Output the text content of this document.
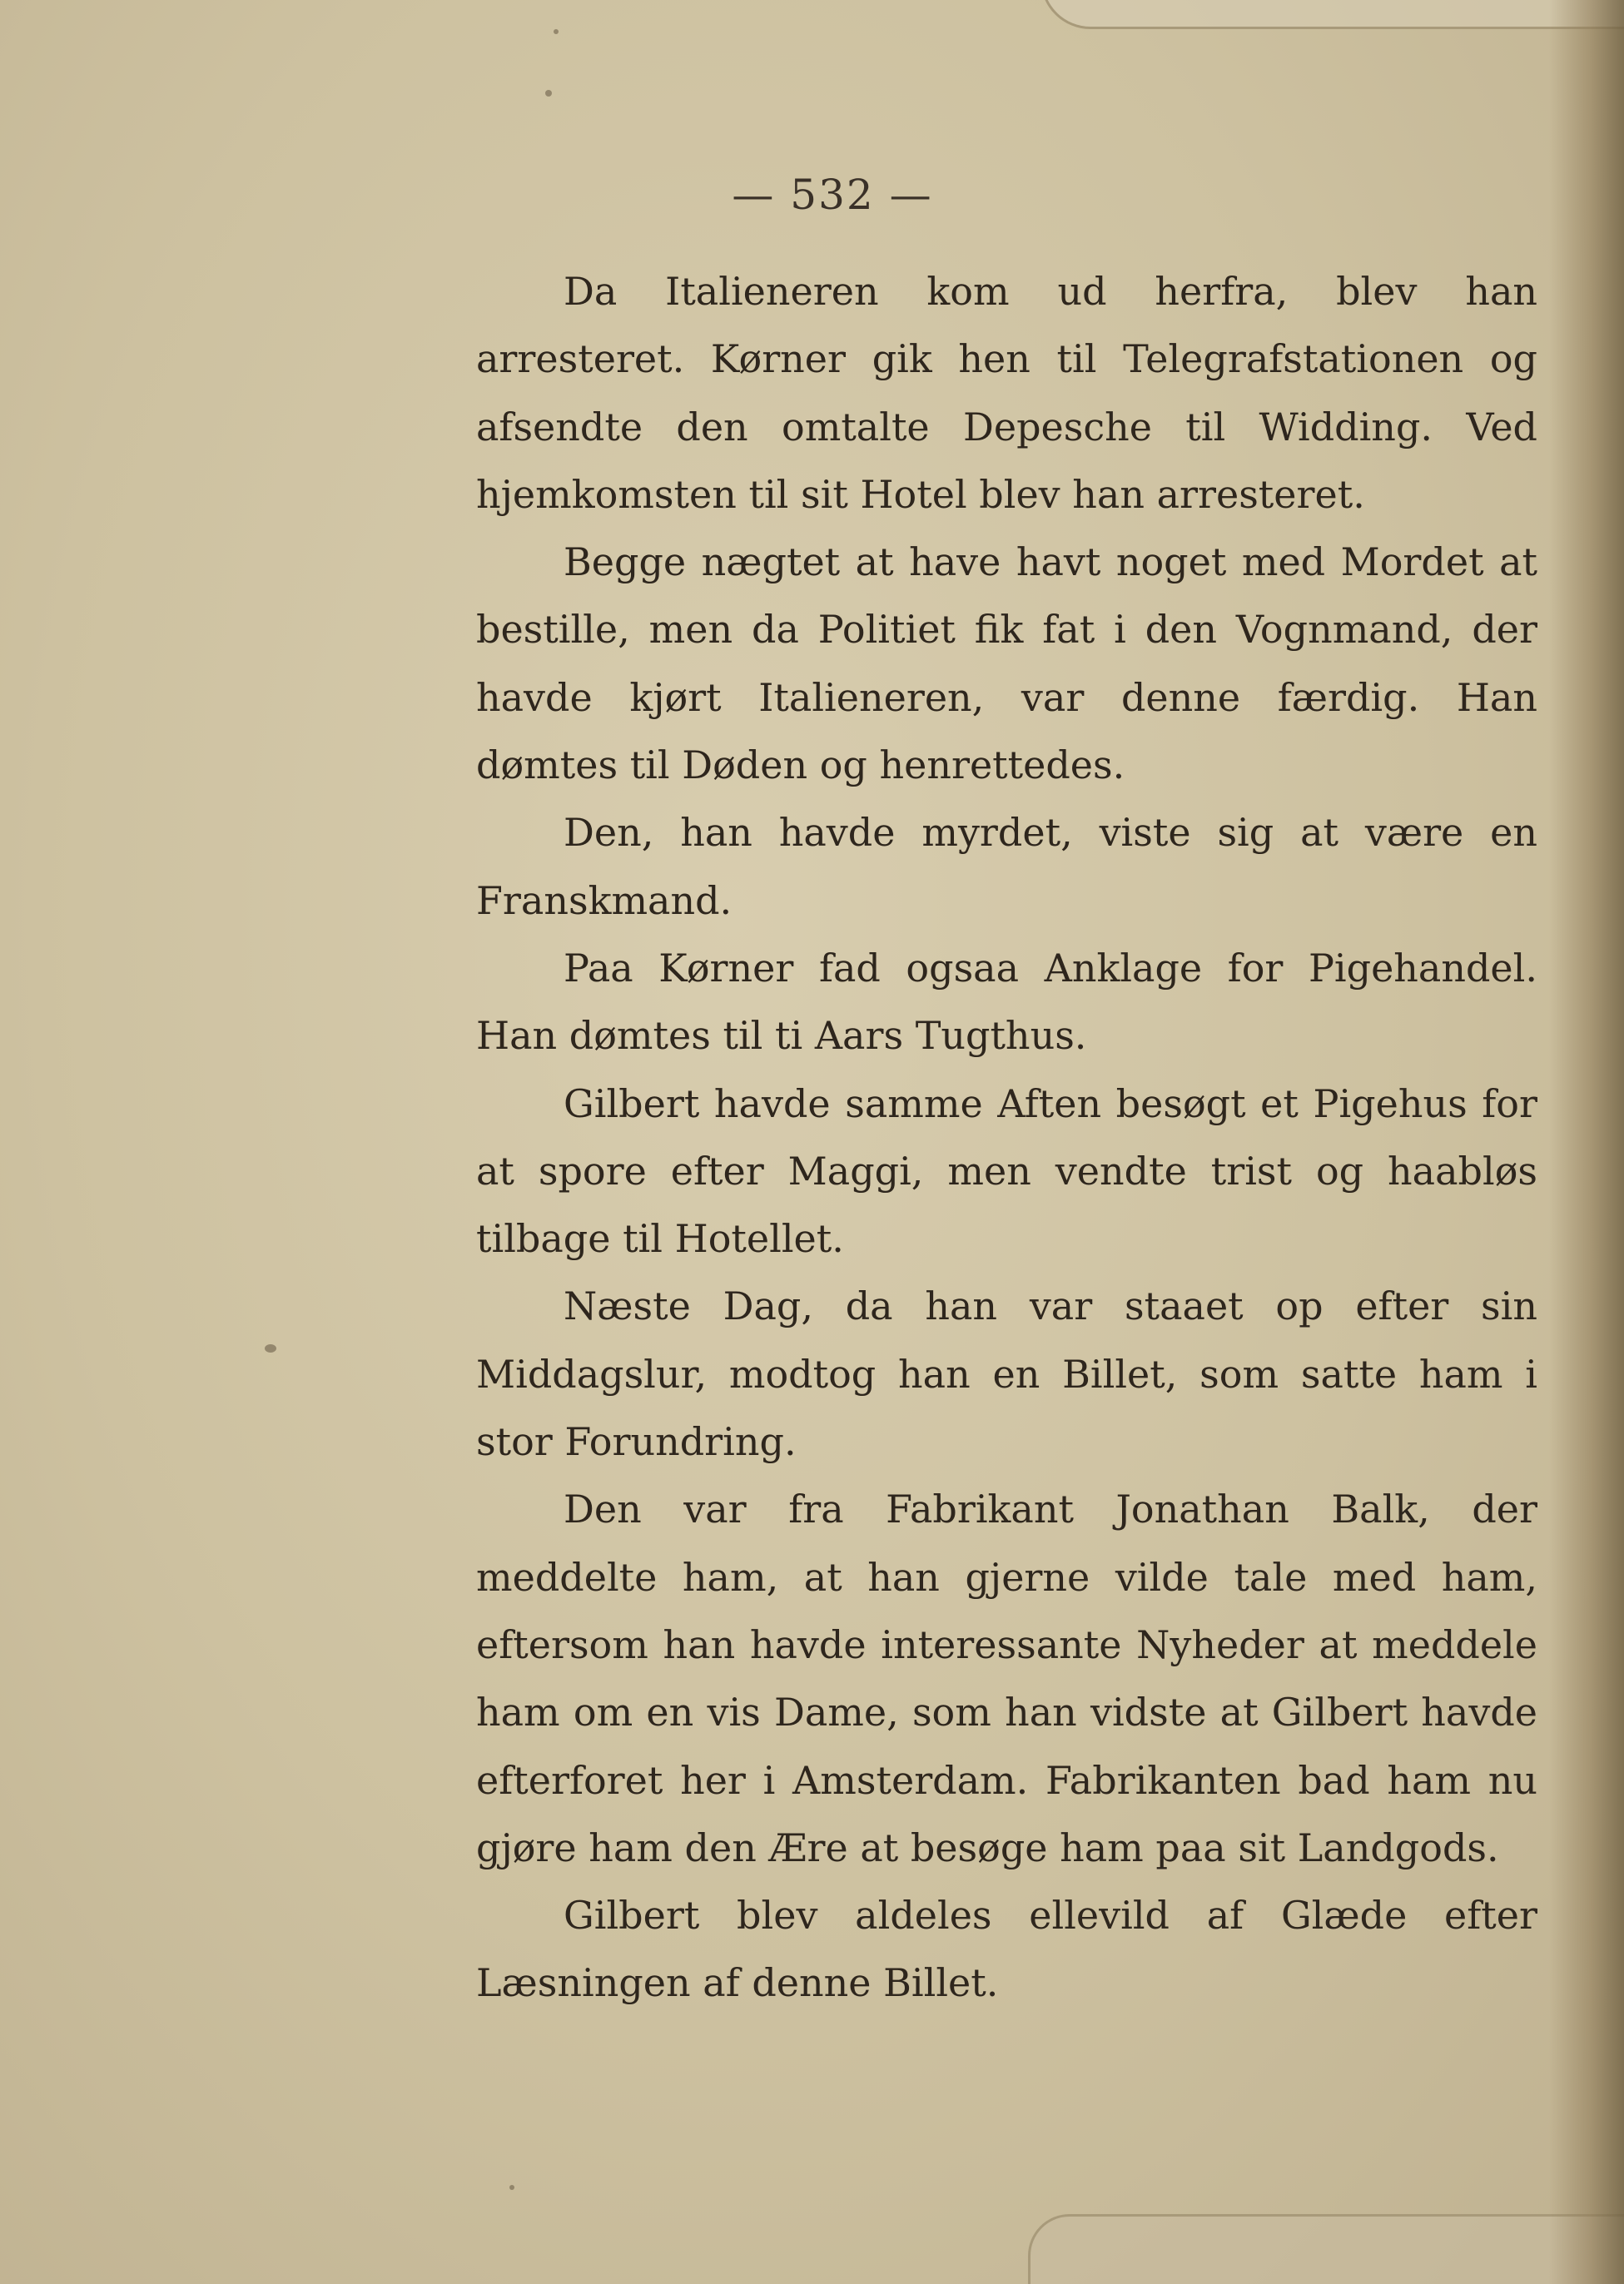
— 532 —

Da Italieneren kom ud herfra, blev han arresteret. Kørner gik hen til Telegrafstationen og afsendte den omtalte Depesche til Widding. Ved hjemkomsten til sit Hotel blev han arresteret.

Begge nægtet at have havt noget med Mordet at bestille, men da Politiet fik fat i den Vognmand, der havde kjørt Italieneren, var denne færdig. Han dømtes til Døden og henrettedes.

Den, han havde myrdet, viste sig at være en Franskmand.

Paa Kørner fad ogsaa Anklage for Pigehandel. Han dømtes til ti Aars Tugthus.

Gilbert havde samme Aften besøgt et Pigehus for at spore efter Maggi, men vendte trist og haabløs tilbage til Hotellet.

Næste Dag, da han var staaet op efter sin Middagslur, modtog han en Billet, som satte ham i stor Forundring.

Den var fra Fabrikant Jonathan Balk, der meddelte ham, at han gjerne vilde tale med ham, eftersom han havde interessante Nyheder at meddele ham om en vis Dame, som han vidste at Gilbert havde efterforet her i Amsterdam. Fabrikanten bad ham nu gjøre ham den Ære at besøge ham paa sit Landgods.

Gilbert blev aldeles ellevild af Glæde efter Læsningen af denne Billet.
